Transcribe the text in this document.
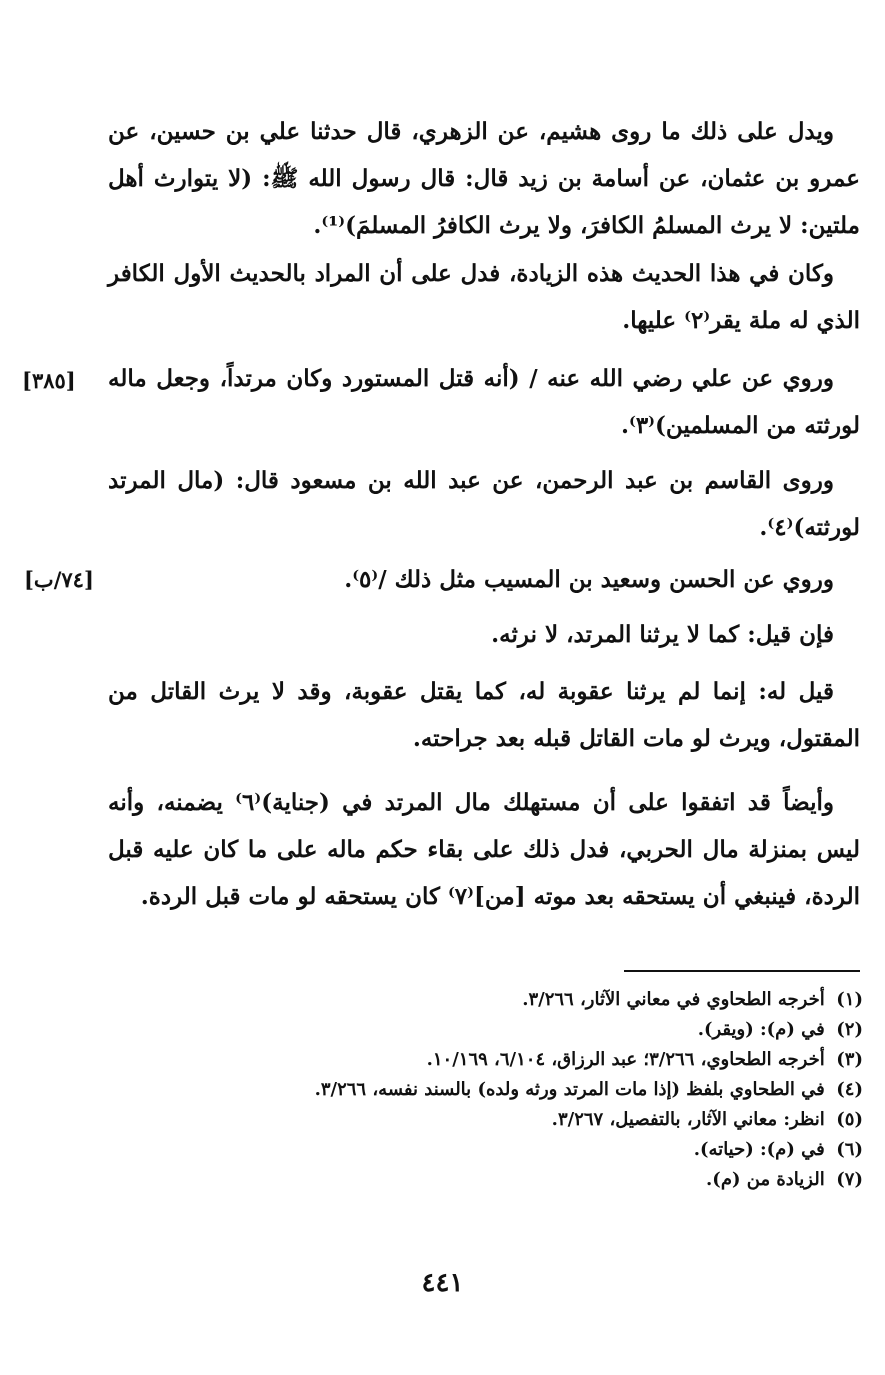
ويدل على ذلك ما روى هشيم، عن الزهري، قال حدثنا علي بن حسين، عن عمرو بن عثمان، عن أسامة بن زيد قال: قال رسول الله ﷺ: (لا يتوارث أهل ملتين: لا يرث المسلمُ الكافرَ، ولا يرث الكافرُ المسلمَ)⁽¹⁾.

وكان في هذا الحديث هذه الزيادة، فدل على أن المراد بالحديث الأول الكافر الذي له ملة يقر⁽٢⁾ عليها.

وروي عن علي رضي الله عنه / (أنه قتل المستورد وكان مرتداً، وجعل ماله لورثته من المسلمين)⁽٣⁾.

[٣٨٥]

وروى القاسم بن عبد الرحمن، عن عبد الله بن مسعود قال: (مال المرتد لورثته)⁽٤⁾.

وروي عن الحسن وسعيد بن المسيب مثل ذلك /⁽٥⁾.

[٧٤/ب]

فإن قيل: كما لا يرثنا المرتد، لا نرثه.

قيل له: إنما لم يرثنا عقوبة له، كما يقتل عقوبة، وقد لا يرث القاتل من المقتول، ويرث لو مات القاتل قبله بعد جراحته.

وأيضاً قد اتفقوا على أن مستهلك مال المرتد في (جناية)⁽٦⁾ يضمنه، وأنه ليس بمنزلة مال الحربي، فدل ذلك على بقاء حكم ماله على ما كان عليه قبل الردة، فينبغي أن يستحقه بعد موته [من]⁽٧⁾ كان يستحقه لو مات قبل الردة.

(١) أخرجه الطحاوي في معاني الآثار، ٣/٢٦٦.
(٢) في (م): (ويقر).
(٣) أخرجه الطحاوي، ٣/٢٦٦؛ عبد الرزاق، ٦/١٠٤، ١٠/١٦٩.
(٤) في الطحاوي بلفظ (إذا مات المرتد ورثه ولده) بالسند نفسه، ٣/٢٦٦.
(٥) انظر: معاني الآثار، بالتفصيل، ٣/٢٦٧.
(٦) في (م): (حياته).
(٧) الزيادة من (م).
٤٤١
